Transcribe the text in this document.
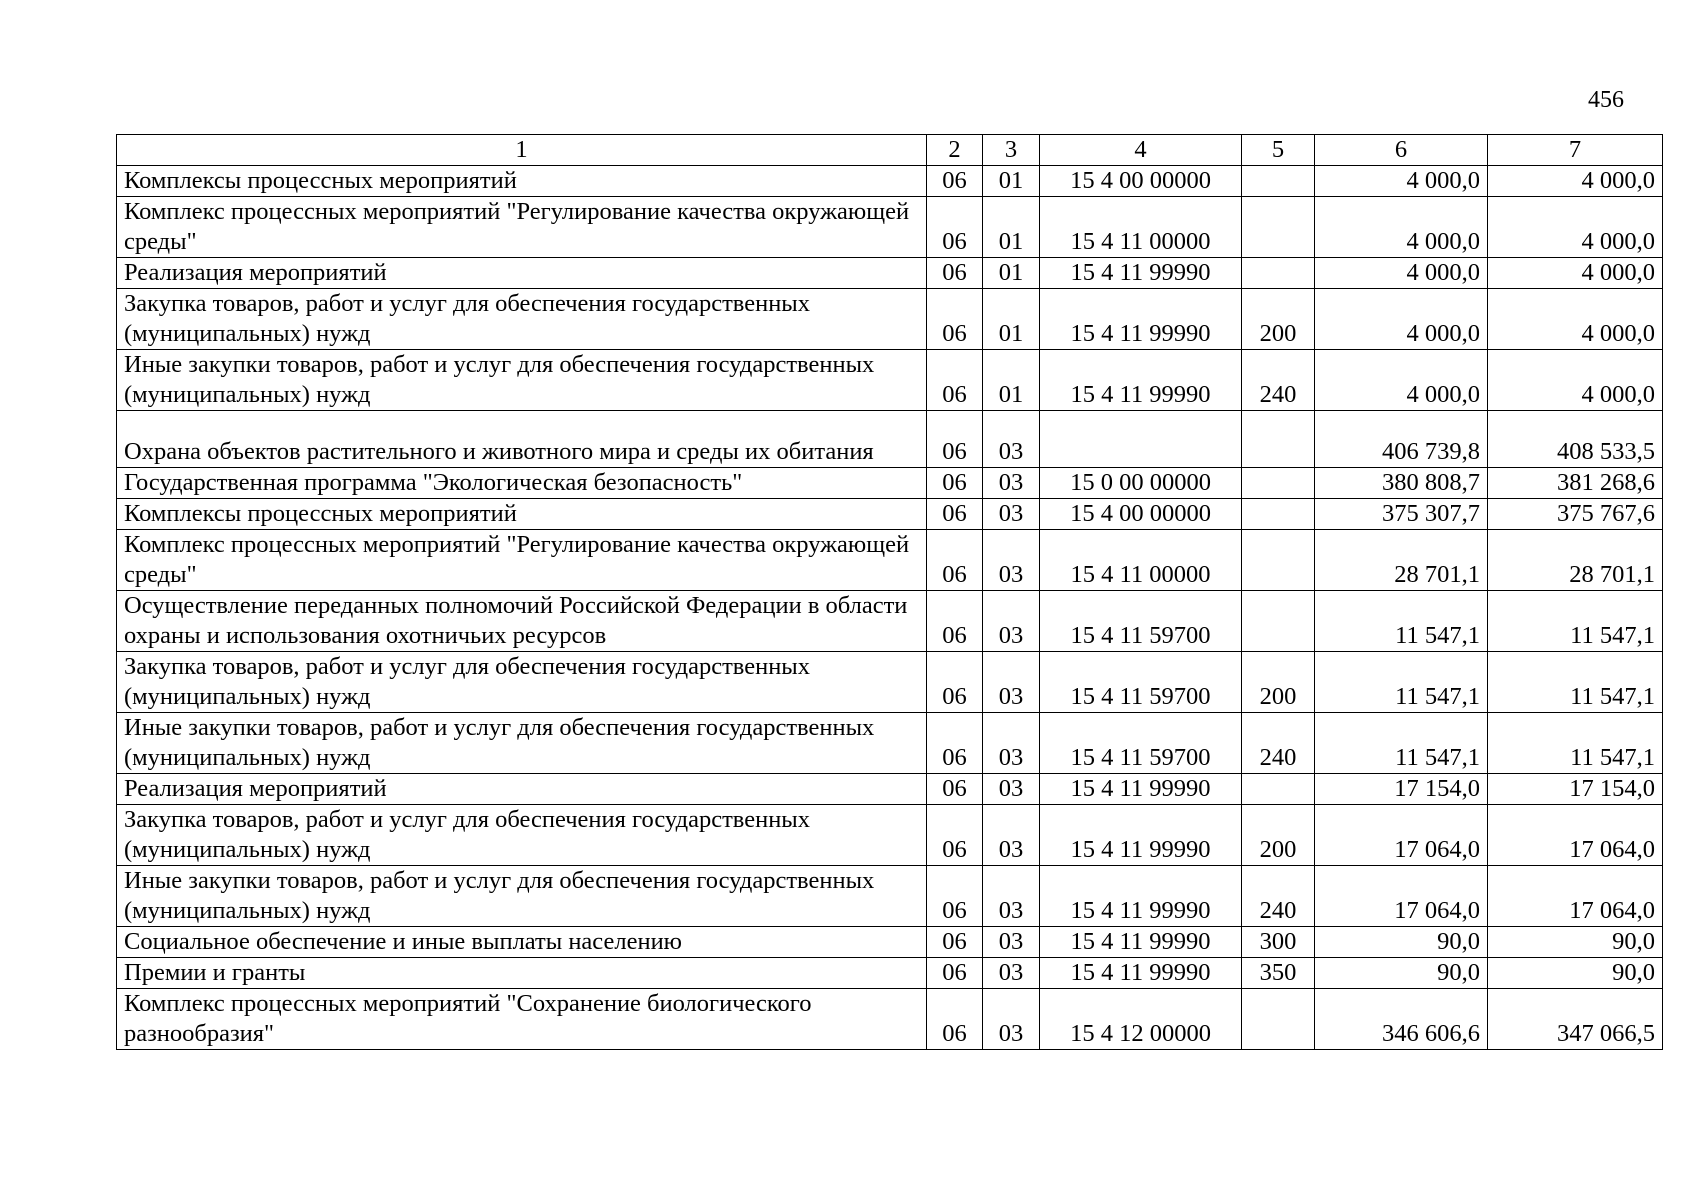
456
1	2	3	4	5	6	7
Комплексы процессных мероприятий	06	01	15 4 00 00000		4 000,0	4 000,0
Комплекс процессных мероприятий "Регулирование качества окружающей среды"	06	01	15 4 11 00000		4 000,0	4 000,0
Реализация мероприятий	06	01	15 4 11 99990		4 000,0	4 000,0
Закупка товаров, работ и услуг для обеспечения государственных (муниципальных) нужд	06	01	15 4 11 99990	200	4 000,0	4 000,0
Иные закупки товаров, работ и услуг для обеспечения государственных (муниципальных) нужд	06	01	15 4 11 99990	240	4 000,0	4 000,0
Охрана объектов растительного и животного мира и среды их обитания	06	03			406 739,8	408 533,5
Государственная программа "Экологическая безопасность"	06	03	15 0 00 00000		380 808,7	381 268,6
Комплексы процессных мероприятий	06	03	15 4 00 00000		375 307,7	375 767,6
Комплекс процессных мероприятий "Регулирование качества окружающей среды"	06	03	15 4 11 00000		28 701,1	28 701,1
Осуществление переданных полномочий Российской Федерации в области охраны и использования охотничьих ресурсов	06	03	15 4 11 59700		11 547,1	11 547,1
Закупка товаров, работ и услуг для обеспечения государственных (муниципальных) нужд	06	03	15 4 11 59700	200	11 547,1	11 547,1
Иные закупки товаров, работ и услуг для обеспечения государственных (муниципальных) нужд	06	03	15 4 11 59700	240	11 547,1	11 547,1
Реализация мероприятий	06	03	15 4 11 99990		17 154,0	17 154,0
Закупка товаров, работ и услуг для обеспечения государственных (муниципальных) нужд	06	03	15 4 11 99990	200	17 064,0	17 064,0
Иные закупки товаров, работ и услуг для обеспечения государственных (муниципальных) нужд	06	03	15 4 11 99990	240	17 064,0	17 064,0
Социальное обеспечение и иные выплаты населению	06	03	15 4 11 99990	300	90,0	90,0
Премии и гранты	06	03	15 4 11 99990	350	90,0	90,0
Комплекс процессных мероприятий "Сохранение биологического разнообразия"	06	03	15 4 12 00000		346 606,6	347 066,5
